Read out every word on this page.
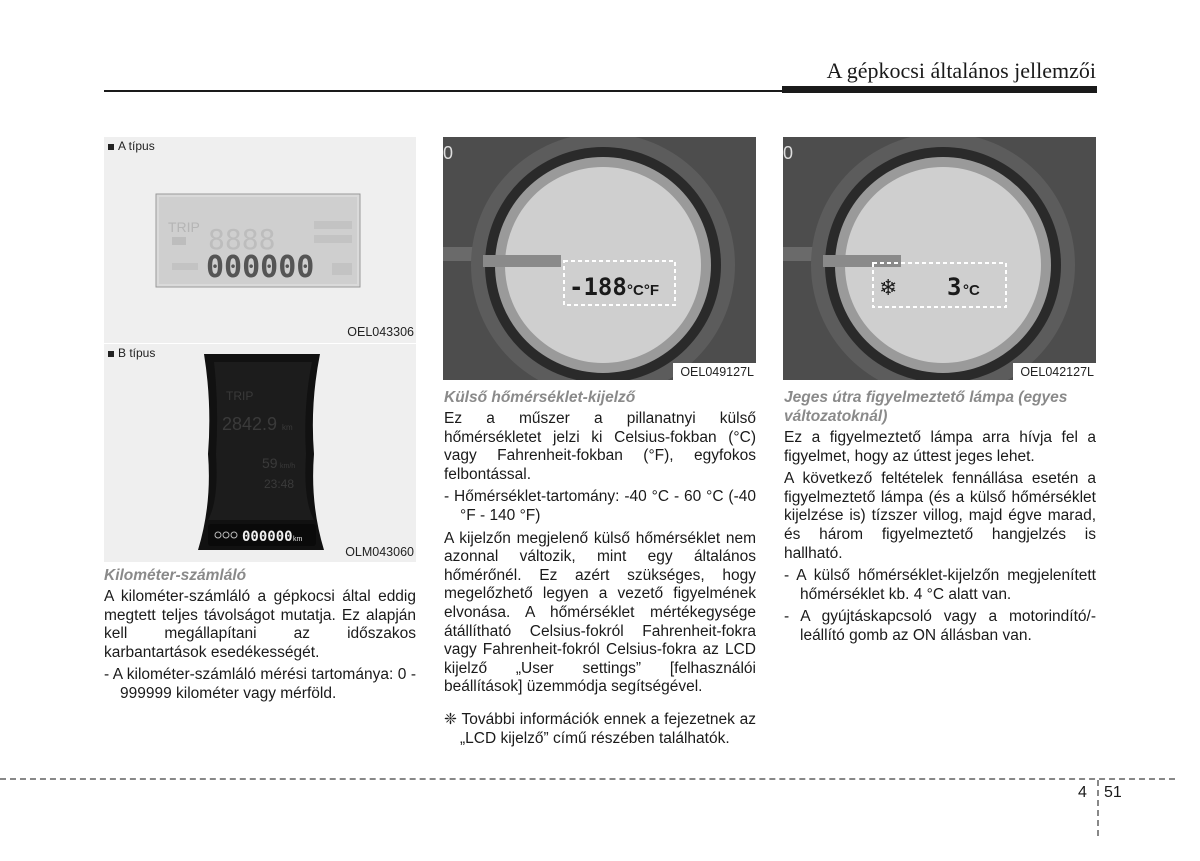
A gépkocsi általános jellemzői
A típus
TRIP 8888
000000
OEL043306
B típus
TRIP
2842.9 km
59 km/h
23:48
000000 km
OLM043060
-188 °C°F
0
OEL049127L
❄ 3 °C
0
OEL042127L
Kilométer-számláló

A kilométer-számláló a gépkocsi által eddig megtett teljes távolságot mutatja. Ez alapján kell megállapítani az időszakos karbantartások esedékességét.

- A kilométer-számláló mérési tartománya: 0 - 999999 kilométer vagy mérföld.

Külső hőmérséklet-kijelző

Ez a műszer a pillanatnyi külső hőmérsékletet jelzi ki Celsius-fokban (°C) vagy Fahrenheit-fokban (°F), egyfokos felbontással.

- Hőmérséklet-tartomány: -40 °C - 60 °C (-40 °F - 140 °F)

A kijelzőn megjelenő külső hőmérséklet nem azonnal változik, mint egy általános hőmérőnél. Ez azért szükséges, hogy megelőzhető legyen a vezető figyelmének elvonása. A hőmérséklet mértékegysége átállítható Celsius-fokról Fahrenheit-fokra vagy Fahrenheit-fokról Celsius-fokra az LCD kijelző „User settings” [felhasználói beállítások] üzemmódja segítségével.

❈ További információk ennek a fejezetnek az „LCD kijelző” című részében találhatók.

Jeges útra figyelmeztető lámpa (egyes változatoknál)

Ez a figyelmeztető lámpa arra hívja fel a figyelmet, hogy az úttest jeges lehet.

A következő feltételek fennállása esetén a figyelmeztető lámpa (és a külső hőmérséklet kijelzése is) tízszer villog, majd égve marad, és három figyelmeztető hangjelzés is hallható.

- A külső hőmérséklet-kijelzőn megjelenített hőmérséklet kb. 4 °C alatt van.

- A gyújtáskapcsoló vagy a motorindító/-leállító gomb az ON állásban van.

4 51
